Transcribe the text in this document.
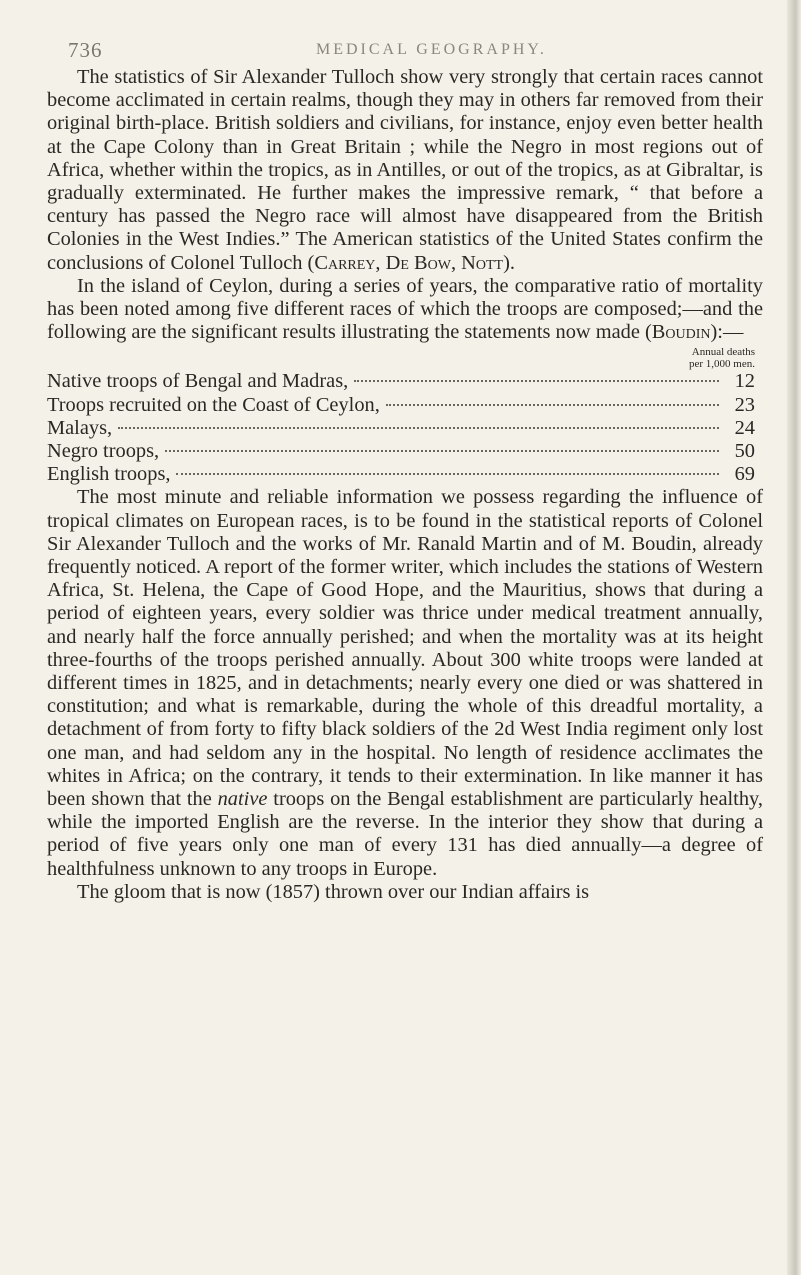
736	MEDICAL GEOGRAPHY.

The statistics of Sir Alexander Tulloch show very strongly that certain races cannot become acclimated in certain realms, though they may in others far removed from their original birth-place. British soldiers and civilians, for instance, enjoy even better health at the Cape Colony than in Great Britain ; while the Negro in most regions out of Africa, whether within the tropics, as in Antilles, or out of the tropics, as at Gibraltar, is gradually exterminated. He further makes the impressive remark, “ that before a century has passed the Negro race will almost have disappeared from the British Colonies in the West Indies.” The American statistics of the United States confirm the conclusions of Colonel Tulloch (Carrey, De Bow, Nott).

In the island of Ceylon, during a series of years, the comparative ratio of mortality has been noted among five different races of which the troops are composed;—and the following are the significant results illustrating the statements now made (Boudin):—

Annual deaths
per 1,000 men.
Native troops of Bengal and Madras,	12
Troops recruited on the Coast of Ceylon,	23
Malays,	24
Negro troops,	50
English troops,	69

The most minute and reliable information we possess regarding the influence of tropical climates on European races, is to be found in the statistical reports of Colonel Sir Alexander Tulloch and the works of Mr. Ranald Martin and of M. Boudin, already frequently noticed. A report of the former writer, which includes the stations of Western Africa, St. Helena, the Cape of Good Hope, and the Mauritius, shows that during a period of eighteen years, every soldier was thrice under medical treatment annually, and nearly half the force annually perished; and when the mortality was at its height three-fourths of the troops perished annually. About 300 white troops were landed at different times in 1825, and in detachments; nearly every one died or was shattered in constitution; and what is remarkable, during the whole of this dreadful mortality, a detachment of from forty to fifty black soldiers of the 2d West India regiment only lost one man, and had seldom any in the hospital. No length of residence acclimates the whites in Africa; on the contrary, it tends to their extermination. In like manner it has been shown that the native troops on the Bengal establishment are particularly healthy, while the imported English are the reverse. In the interior they show that during a period of five years only one man of every 131 has died annually—a degree of healthfulness unknown to any troops in Europe.

The gloom that is now (1857) thrown over our Indian affairs is
